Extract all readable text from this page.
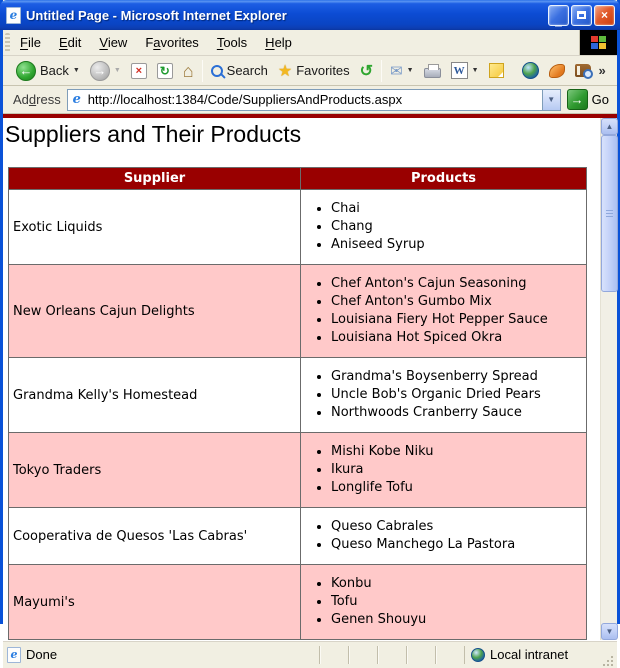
e Untitled Page - Microsoft Internet Explorer	_	×
File	Edit	View	Favorites	Tools	Help
← Back ▼ →	▼	×	↻ ⌂	Search ★ Favorites ↺ ✉ ▼	W	▼	»
Address e
http://localhost:1384/Code/SuppliersAndProducts.aspx	▼	→ Go
Suppliers and Their Products
Supplier	Products
Exotic Liquids	
• Chai
• Chang
• Aniseed Syrup

New Orleans Cajun Delights	
• Chef Anton's Cajun Seasoning
• Chef Anton's Gumbo Mix
• Louisiana Fiery Hot Pepper Sauce
• Louisiana Hot Spiced Okra

Grandma Kelly's Homestead	
• Grandma's Boysenberry Spread
• Uncle Bob's Organic Dried Pears
• Northwoods Cranberry Sauce

Tokyo Traders	
• Mishi Kobe Niku
• Ikura
• Longlife Tofu

Cooperativa de Quesos 'Las Cabras'	
• Queso Cabrales
• Queso Manchego La Pastora

Mayumi's	
• Konbu
• Tofu
• Genen Shouyu
▲
▼
e Done	Local intranet
